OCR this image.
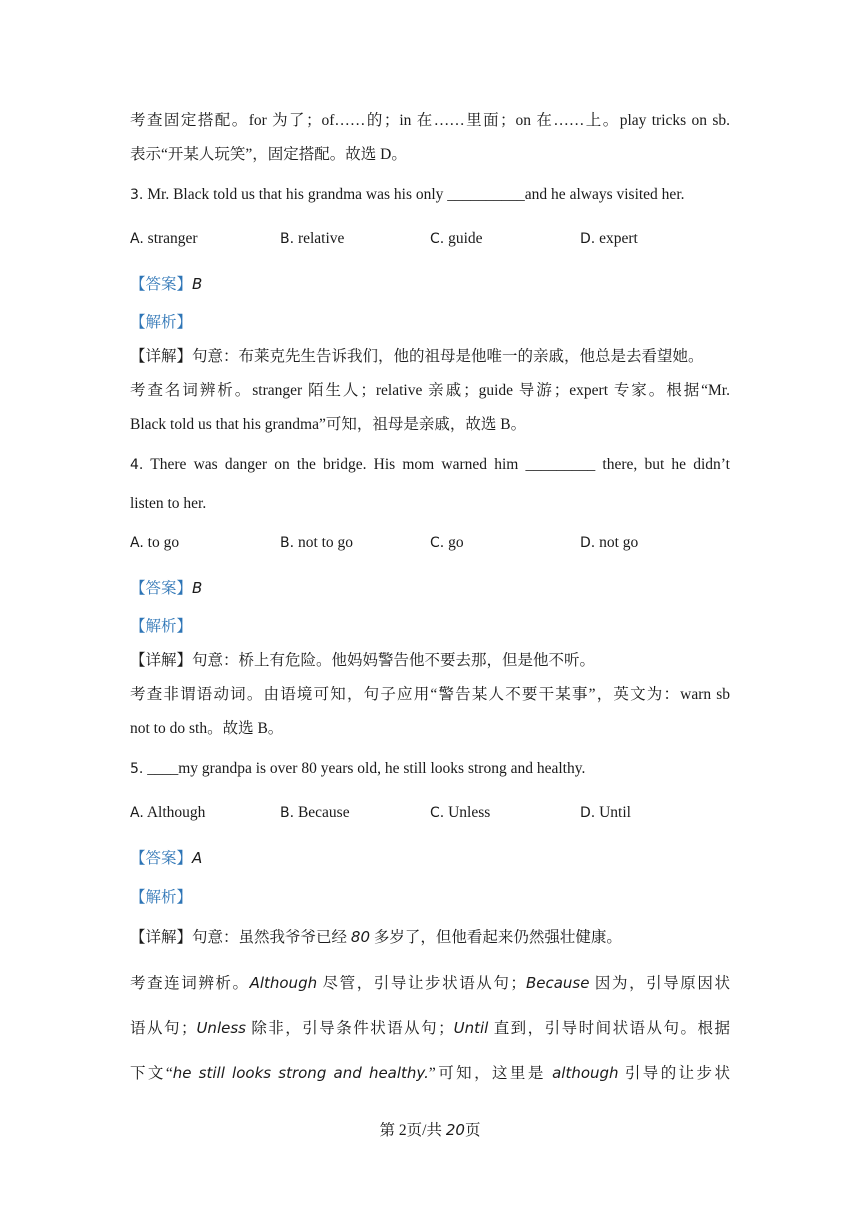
考查固定搭配。for 为了；of……的；in 在……里面；on 在……上。play tricks on sb.
表示“开某人玩笑”，固定搭配。故选 D。
3. Mr. Black told us that his grandma was his only __________and he always visited her.
A. stranger	B. relative	C. guide	D. expert
【答案】B
【解析】
【详解】句意：布莱克先生告诉我们，他的祖母是他唯一的亲戚，他总是去看望她。
考查名词辨析。stranger 陌生人；relative 亲戚；guide 导游；expert 专家。根据“Mr.
Black told us that his grandma”可知，祖母是亲戚，故选 B。
4. There was danger on the bridge. His mom warned him _________ there, but he didn’t
listen to her.
A. to go	B. not to go	C. go	D. not go
【答案】B
【解析】
【详解】句意：桥上有危险。他妈妈警告他不要去那，但是他不听。
考查非谓语动词。由语境可知，句子应用“警告某人不要干某事”，英文为：warn sb
not to do sth。故选 B。
5. ____my grandpa is over 80 years old, he still looks strong and healthy.
A. Although	B. Because	C. Unless	D. Until
【答案】A
【解析】
【详解】句意：虽然我爷爷已经 80 多岁了，但他看起来仍然强壮健康。
考查连词辨析。Although 尽管，引导让步状语从句；Because 因为，引导原因状
语从句；Unless 除非，引导条件状语从句；Until 直到，引导时间状语从句。根据
下文“he still looks strong and healthy.”可知，这里是 although 引导的让步状
第 2页/共 20页
